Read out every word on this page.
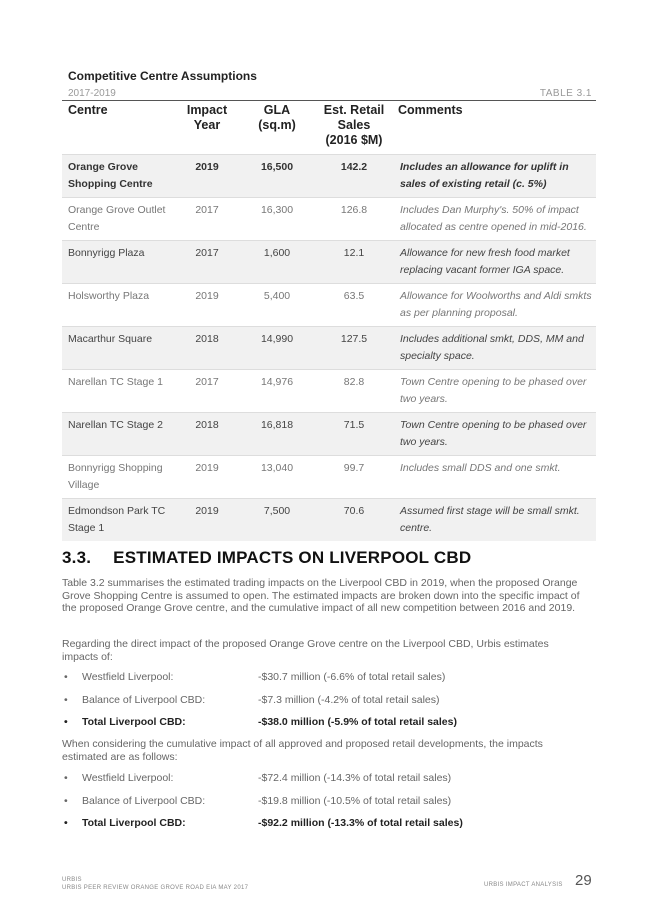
Competitive Centre Assumptions
2017-2019	TABLE 3.1
Centre	Impact Year	GLA (sq.m)	Est. Retail Sales (2016 $M)	Comments
Orange Grove Shopping Centre	2019	16,500	142.2	Includes an allowance for uplift in sales of existing retail (c. 5%)
Orange Grove Outlet Centre	2017	16,300	126.8	Includes Dan Murphy's. 50% of impact allocated as centre opened in mid-2016.
Bonnyrigg Plaza	2017	1,600	12.1	Allowance for new fresh food market replacing vacant former IGA space.
Holsworthy Plaza	2019	5,400	63.5	Allowance for Woolworths and Aldi smkts as per planning proposal.
Macarthur Square	2018	14,990	127.5	Includes additional smkt, DDS, MM and specialty space.
Narellan TC Stage 1	2017	14,976	82.8	Town Centre opening to be phased over two years.
Narellan TC Stage 2	2018	16,818	71.5	Town Centre opening to be phased over two years.
Bonnyrigg Shopping Village	2019	13,040	99.7	Includes small DDS and one smkt.
Edmondson Park TC Stage 1	2019	7,500	70.6	Assumed first stage will be small smkt. centre.
3.3. ESTIMATED IMPACTS ON LIVERPOOL CBD
Table 3.2 summarises the estimated trading impacts on the Liverpool CBD in 2019, when the proposed Orange Grove Shopping Centre is assumed to open. The estimated impacts are broken down into the specific impact of the proposed Orange Grove centre, and the cumulative impact of all new competition between 2016 and 2019.
Regarding the direct impact of the proposed Orange Grove centre on the Liverpool CBD, Urbis estimates impacts of:
• Westfield Liverpool:	-$30.7 million (-6.6% of total retail sales)
• Balance of Liverpool CBD:	-$7.3 million (-4.2% of total retail sales)
• Total Liverpool CBD:	-$38.0 million (-5.9% of total retail sales)
When considering the cumulative impact of all approved and proposed retail developments, the impacts estimated are as follows:
• Westfield Liverpool:	-$72.4 million (-14.3% of total retail sales)
• Balance of Liverpool CBD:	-$19.8 million (-10.5% of total retail sales)
• Total Liverpool CBD:	-$92.2 million (-13.3% of total retail sales)
URBIS
URBIS PEER REVIEW ORANGE GROVE ROAD EIA MAY 2017	URBIS IMPACT ANALYSIS 29
